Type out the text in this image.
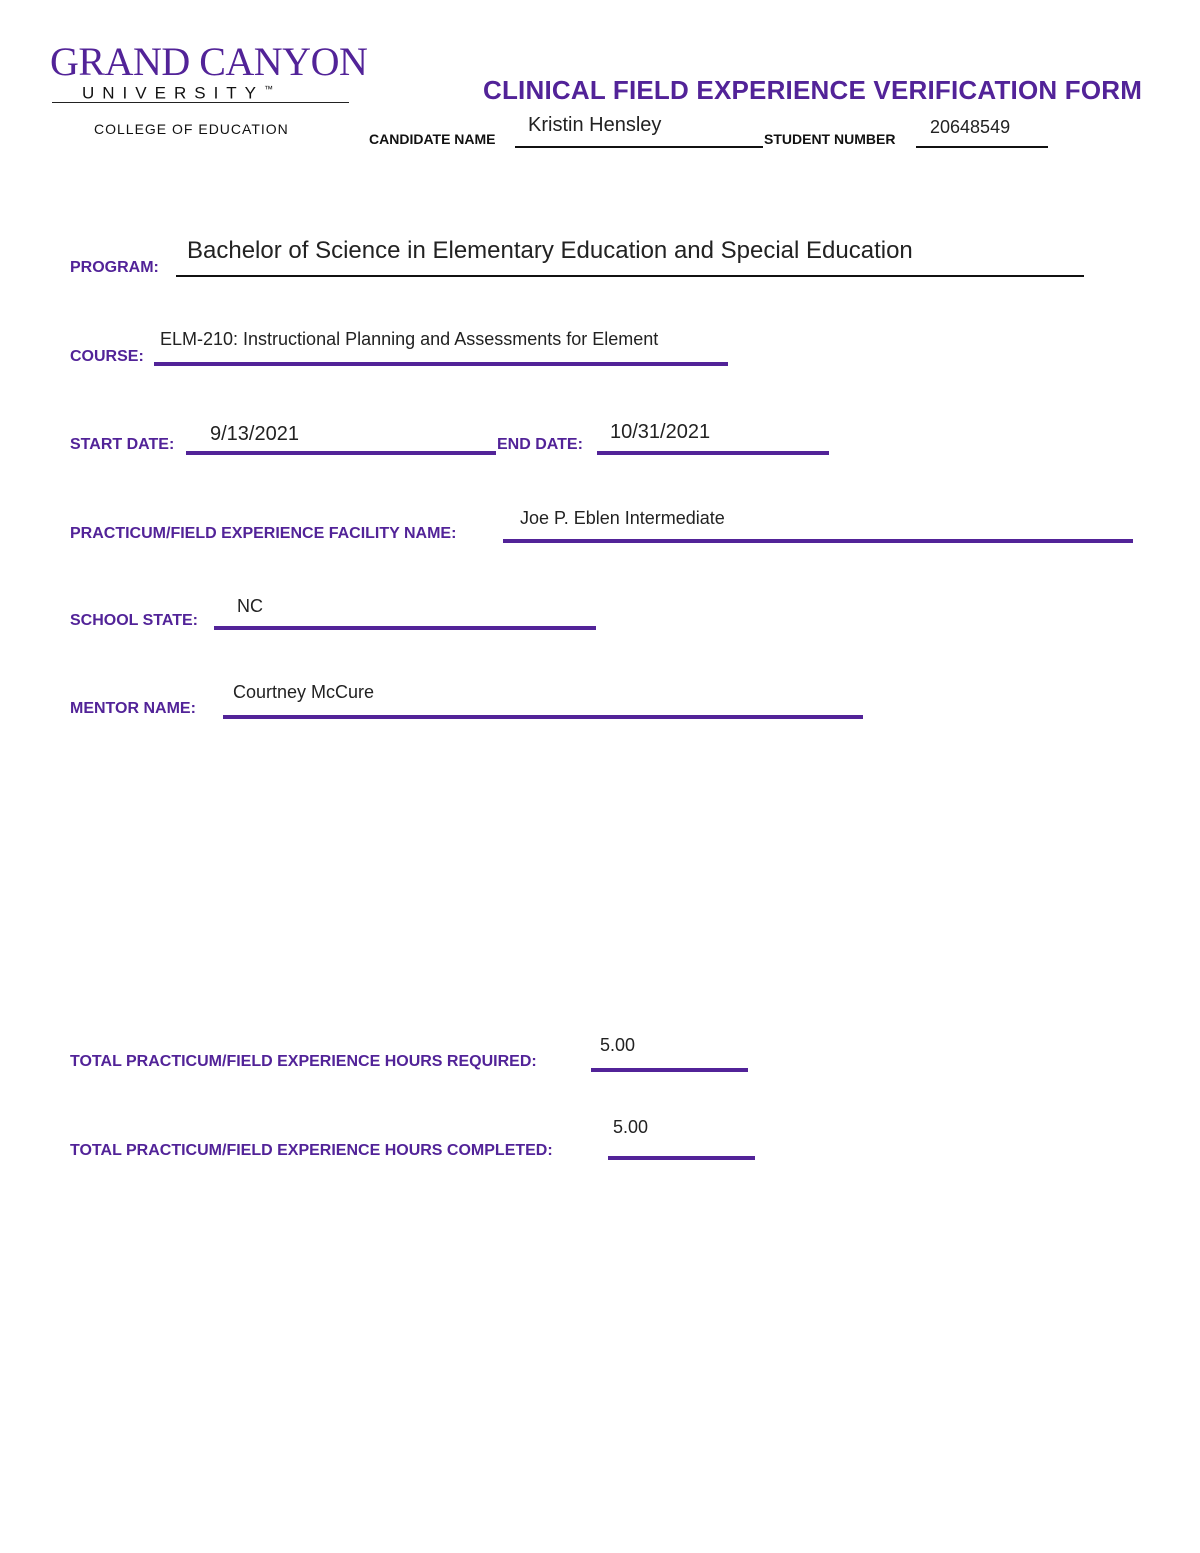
GRAND CANYON
UNIVERSITY™
COLLEGE OF EDUCATION
CLINICAL FIELD EXPERIENCE VERIFICATION FORM
CANDIDATE NAME
Kristin Hensley
STUDENT NUMBER
20648549
PROGRAM:
Bachelor of Science in Elementary Education and Special Education
COURSE:
ELM-210: Instructional Planning and Assessments for Element
START DATE: 9/13/2021	END DATE:
10/31/2021
PRACTICUM/FIELD EXPERIENCE FACILITY NAME:
Joe P. Eblen Intermediate
SCHOOL STATE:
NC
MENTOR NAME:
Courtney McCure
TOTAL PRACTICUM/FIELD EXPERIENCE HOURS REQUIRED:
5.00
TOTAL PRACTICUM/FIELD EXPERIENCE HOURS COMPLETED:
5.00
